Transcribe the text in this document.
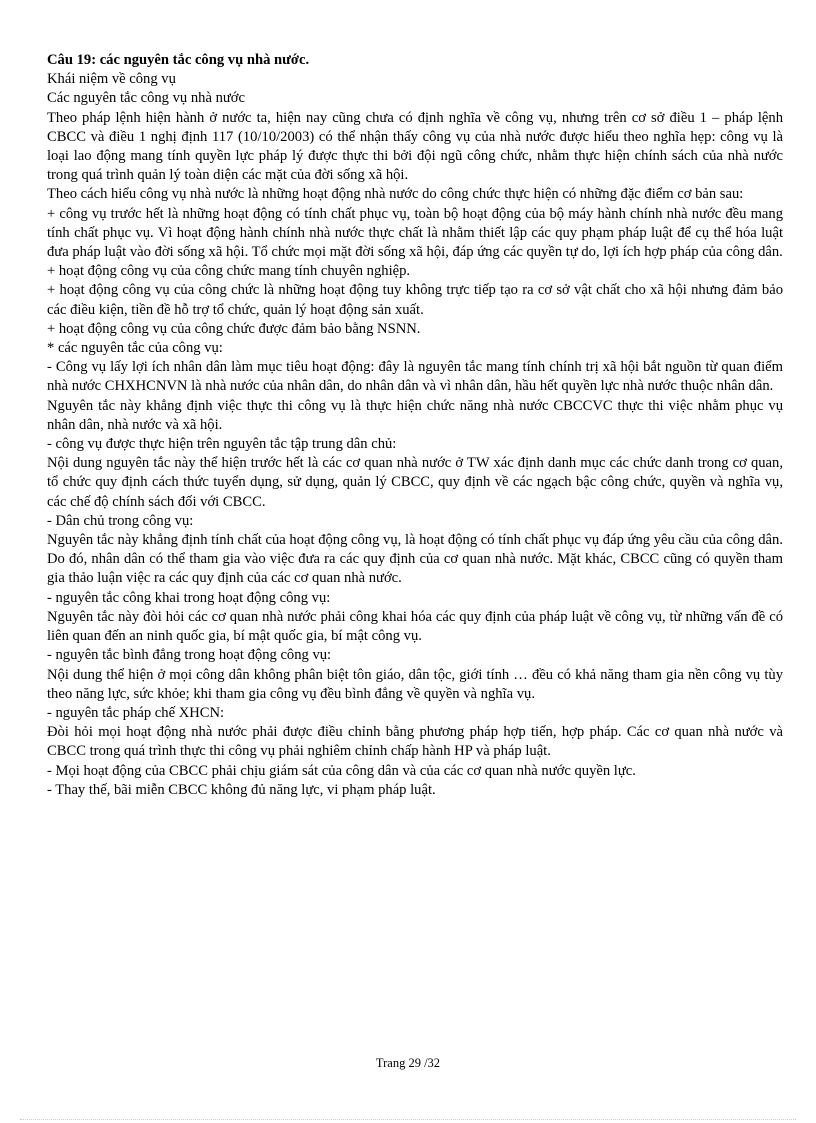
Câu 19: các nguyên tắc công vụ nhà nước.

Khái niệm về công vụ

Các nguyên tắc công vụ nhà nước

Theo pháp lệnh hiện hành ở nước ta, hiện nay cũng chưa có định nghĩa về công vụ, nhưng trên cơ sở điều 1 – pháp lệnh CBCC và điều 1 nghị định 117 (10/10/2003) có thể nhận thấy công vụ của nhà nước được hiểu theo nghĩa hẹp: công vụ là loại lao động mang tính quyền lực pháp lý được thực thi bởi đội ngũ công chức, nhằm thực hiện chính sách của nhà nước trong quá trình quản lý toàn diện các mặt của đời sống xã hội.

Theo cách hiểu công vụ nhà nước là những hoạt động nhà nước do công chức thực hiện có những đặc điểm cơ bản sau:

+ công vụ trước hết là những hoạt động có tính chất phục vụ, toàn bộ hoạt động của bộ máy hành chính nhà nước đều mang tính chất phục vụ. Vì hoạt động hành chính nhà nước thực chất là nhằm thiết lập các quy phạm pháp luật để cụ thể hóa luật đưa pháp luật vào đời sống xã hội. Tổ chức mọi mặt đời sống xã hội, đáp ứng các quyền tự do, lợi ích hợp pháp của công dân.

+ hoạt động công vụ của công chức mang tính chuyên nghiệp.

+ hoạt động công vụ của công chức là những hoạt động tuy không trực tiếp tạo ra cơ sở vật chất cho xã hội nhưng đảm bảo các điều kiện, tiền đề hỗ trợ tổ chức, quản lý hoạt động sản xuất.

+ hoạt động công vụ của công chức được đảm bảo bằng NSNN.

* các nguyên tắc của công vụ:

- Công vụ lấy lợi ích nhân dân làm mục tiêu hoạt động: đây là nguyên tắc mang tính chính trị xã hội bắt nguồn từ quan điểm nhà nước CHXHCNVN là nhà nước của nhân dân, do nhân dân và vì nhân dân, hầu hết quyền lực nhà nước thuộc nhân dân.

Nguyên tắc này khẳng định việc thực thi công vụ là thực hiện chức năng nhà nước CBCCVC thực thi việc nhằm phục vụ nhân dân, nhà nước và xã hội.

- công vụ được thực hiện trên nguyên tắc tập trung dân chủ:

Nội dung nguyên tắc này thể hiện trước hết là các cơ quan nhà nước ở TW xác định danh mục các chức danh trong cơ quan, tổ chức quy định cách thức tuyển dụng, sử dụng, quản lý CBCC, quy định về các ngạch bậc công chức, quyền và nghĩa vụ, các chế độ chính sách đối với CBCC.

- Dân chủ trong công vụ:

Nguyên tắc này khẳng định tính chất của hoạt động công vụ, là hoạt động có tính chất phục vụ đáp ứng yêu cầu của công dân. Do đó, nhân dân có thể tham gia vào việc đưa ra các quy định của cơ quan nhà nước. Mặt khác, CBCC cũng có quyền tham gia thảo luận việc ra các quy định của các cơ quan nhà nước.

- nguyên tắc công khai trong hoạt động công vụ:

Nguyên tắc này đòi hỏi các cơ quan nhà nước phải công khai hóa các quy định của pháp luật về công vụ, từ những vấn đề có liên quan đến an ninh quốc gia, bí mật quốc gia, bí mật công vụ.

- nguyên tắc bình đẳng trong hoạt động công vụ:

Nội dung thể hiện ở mọi công dân không phân biệt tôn giáo, dân tộc, giới tính … đều có khả năng tham gia nền công vụ tùy theo năng lực, sức khỏe; khi tham gia công vụ đều bình đẳng về quyền và nghĩa vụ.

- nguyên tắc pháp chế XHCN:

Đòi hỏi mọi hoạt động nhà nước phải được điều chỉnh bằng phương pháp hợp tiến, hợp pháp. Các cơ quan nhà nước và CBCC trong quá trình thực thi công vụ phải nghiêm chỉnh chấp hành HP và pháp luật.

- Mọi hoạt động của CBCC phải chịu giám sát của công dân và của các cơ quan nhà nước quyền lực.

- Thay thế, bãi miễn CBCC không đủ năng lực, vi phạm pháp luật.

Trang 29 /32
